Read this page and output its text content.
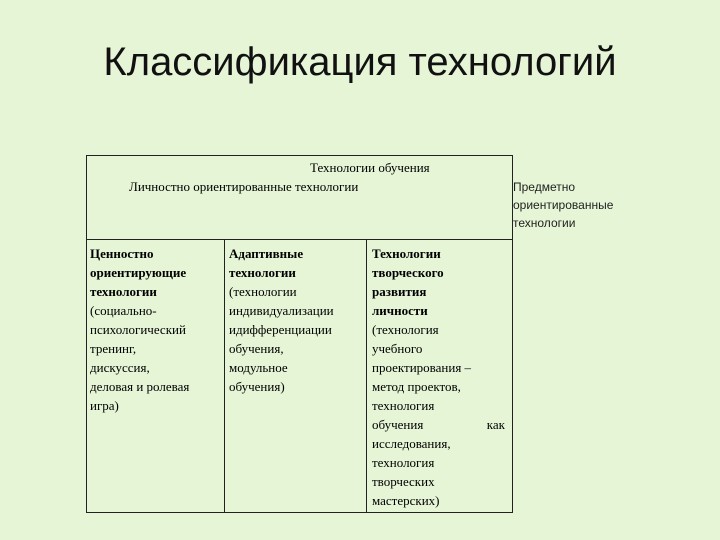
Классификация технологий
Технологии обучения
Личностно ориентированные технологии
Ценностно
ориентирующие
технологии
(социально-
психологический
тренинг,
дискуссия,
деловая и ролевая
игра)
Адаптивные
технологии
(технологии
индивидуализации
идифференциации
обучения,
модульное
обучения)
Технологии
творческого
развития
личности
(технология
учебного
проектирования –
метод проектов,
технология
обучения	как
исследования,
технология
творческих
мастерских)
Предметно
ориентированные
технологии
